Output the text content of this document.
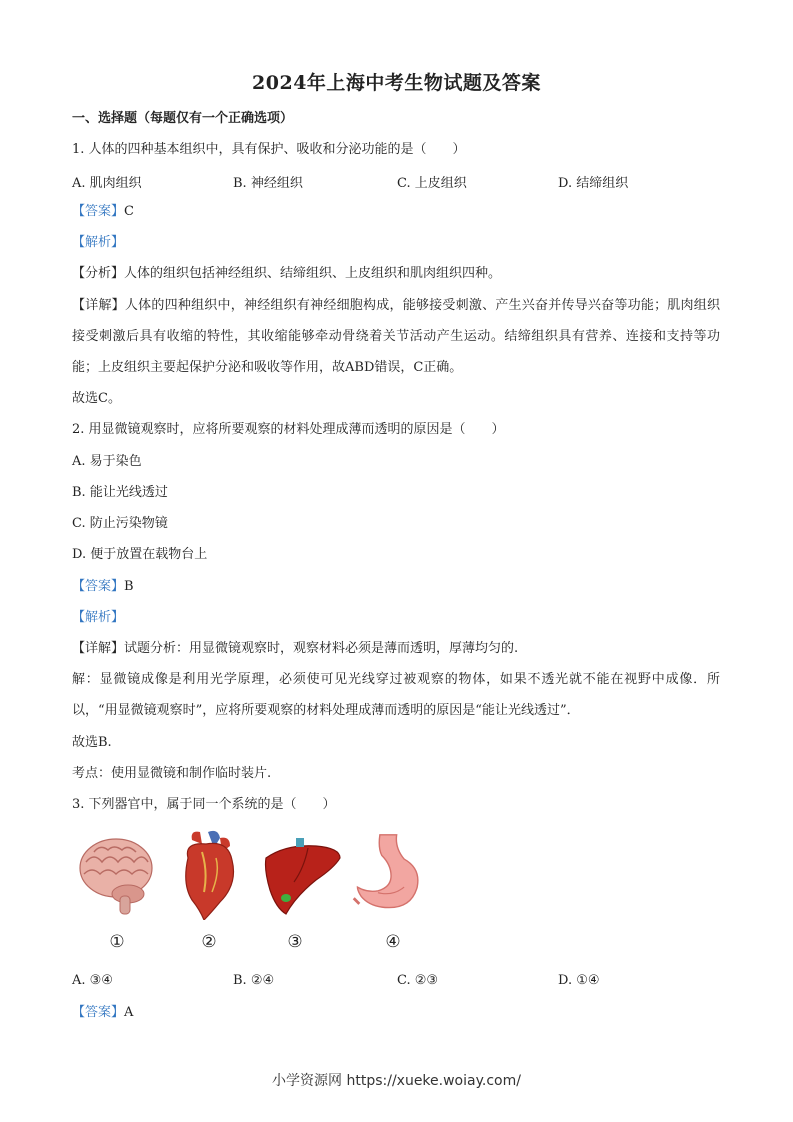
2024年上海中考生物试题及答案
一、选择题（每题仅有一个正确选项）
1. 人体的四种基本组织中，具有保护、吸收和分泌功能的是（　　）
A. 肌肉组织	B. 神经组织	C. 上皮组织	D. 结缔组织
【答案】C
【解析】
【分析】人体的组织包括神经组织、结缔组织、上皮组织和肌肉组织四种。
【详解】人体的四种组织中，神经组织有神经细胞构成，能够接受刺激、产生兴奋并传导兴奋等功能；肌肉组织接受刺激后具有收缩的特性，其收缩能够牵动骨绕着关节活动产生运动。结缔组织具有营养、连接和支持等功能；上皮组织主要起保护分泌和吸收等作用，故ABD错误，C正确。
故选C。
2. 用显微镜观察时，应将所要观察的材料处理成薄而透明的原因是（　　）
A. 易于染色
B. 能让光线透过
C. 防止污染物镜
D. 便于放置在载物台上
【答案】B
【解析】
【详解】试题分析：用显微镜观察时，观察材料必须是薄而透明，厚薄均匀的.
解：显微镜成像是利用光学原理，必须使可见光线穿过被观察的物体，如果不透光就不能在视野中成像．所以，“用显微镜观察时”，应将所要观察的材料处理成薄而透明的原因是“能让光线透过”．
故选B.
考点：使用显微镜和制作临时装片.
3. 下列器官中，属于同一个系统的是（　　）
①	②	③	④
A. ③④	B. ②④	C. ②③	D. ①④
【答案】A
小学资源网 https://xueke.woiay.com/
